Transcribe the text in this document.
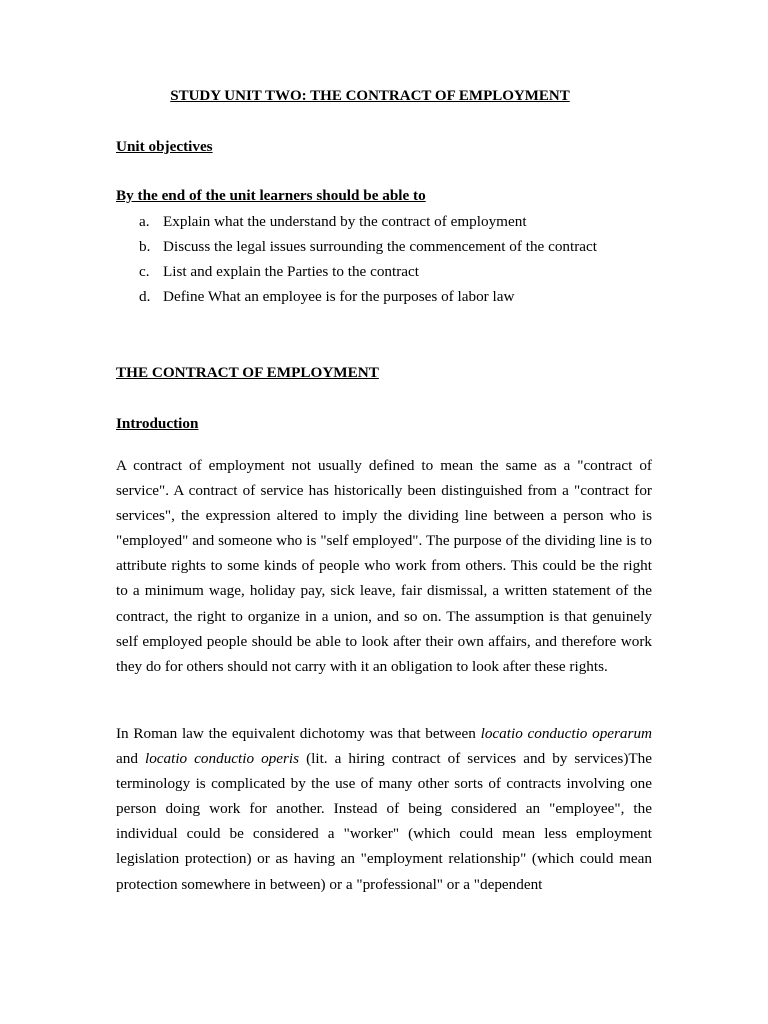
STUDY UNIT TWO: THE CONTRACT OF EMPLOYMENT
Unit objectives
By the end of the unit learners should be able to
a. Explain what the understand by the contract of employment
b. Discuss the legal issues surrounding the commencement of the contract
c. List and explain the Parties to the contract
d. Define What an employee is for the purposes of labor law
THE CONTRACT OF EMPLOYMENT
Introduction

A contract of employment not usually defined to mean the same as a "contract of service". A contract of service has historically been distinguished from a "contract for services", the expression altered to imply the dividing line between a person who is "employed" and someone who is "self employed". The purpose of the dividing line is to attribute rights to some kinds of people who work from others. This could be the right to a minimum wage, holiday pay, sick leave, fair dismissal, a written statement of the contract, the right to organize in a union, and so on. The assumption is that genuinely self employed people should be able to look after their own affairs, and therefore work they do for others should not carry with it an obligation to look after these rights.

In Roman law the equivalent dichotomy was that between locatio conductio operarum and locatio conductio operis (lit. a hiring contract of services and by services)The terminology is complicated by the use of many other sorts of contracts involving one person doing work for another. Instead of being considered an "employee", the individual could be considered a "worker" (which could mean less employment legislation protection) or as having an "employment relationship" (which could mean protection somewhere in between) or a "professional" or a "dependent
